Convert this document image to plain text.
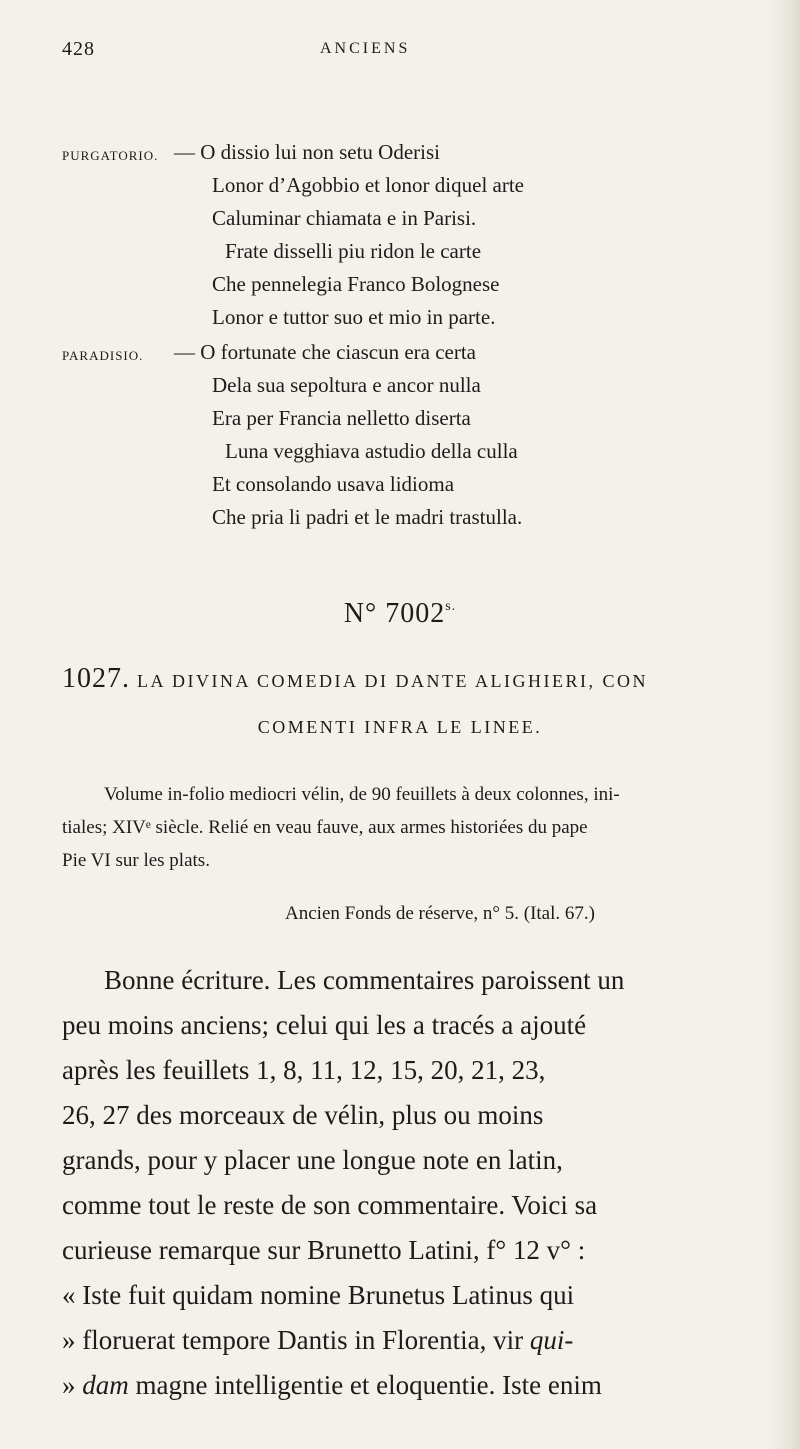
428	ANCIENS
PURGATORIO. — O dissio lui non setu Oderisi
Lonor d’Agobbio et lonor diquel arte
Caluminar chiamata e in Parisi.
Frate disselli piu ridon le carte
Che pennelegia Franco Bolognese
Lonor e tuttor suo et mio in parte.
PARADISIO. — O fortunate che ciascun era certa
Dela sua sepoltura e ancor nulla
Era per Francia nelletto diserta
Luna vegghiava astudio della culla
Et consolando usava lidioma
Che pria li padri et le madri trastulla.
N° $7002^{s.}$
1027. LA DIVINA COMEDIA DI DANTE ALIGHIERI, CON
COMENTI INFRA LE LINEE.
Volume in-folio mediocri vélin, de 90 feuillets à deux colonnes, ini-
tiales; XIVᵉ siècle. Relié en veau fauve, aux armes historiées du pape
Pie VI sur les plats.
Ancien Fonds de réserve, n° 5. (Ital. 67.)
Bonne écriture. Les commentaires paroissent un
peu moins anciens; celui qui les a tracés a ajouté
après les feuillets 1, 8, 11, 12, 15, 20, 21, 23,
26, 27 des morceaux de vélin, plus ou moins
grands, pour y placer une longue note en latin,
comme tout le reste de son commentaire. Voici sa
curieuse remarque sur Brunetto Latini, f° 12 v° :
« Iste fuit quidam nomine Brunetus Latinus qui
» floruerat tempore Dantis in Florentia, vir qui-
» dam magne intelligentie et eloquentie. Iste enim
